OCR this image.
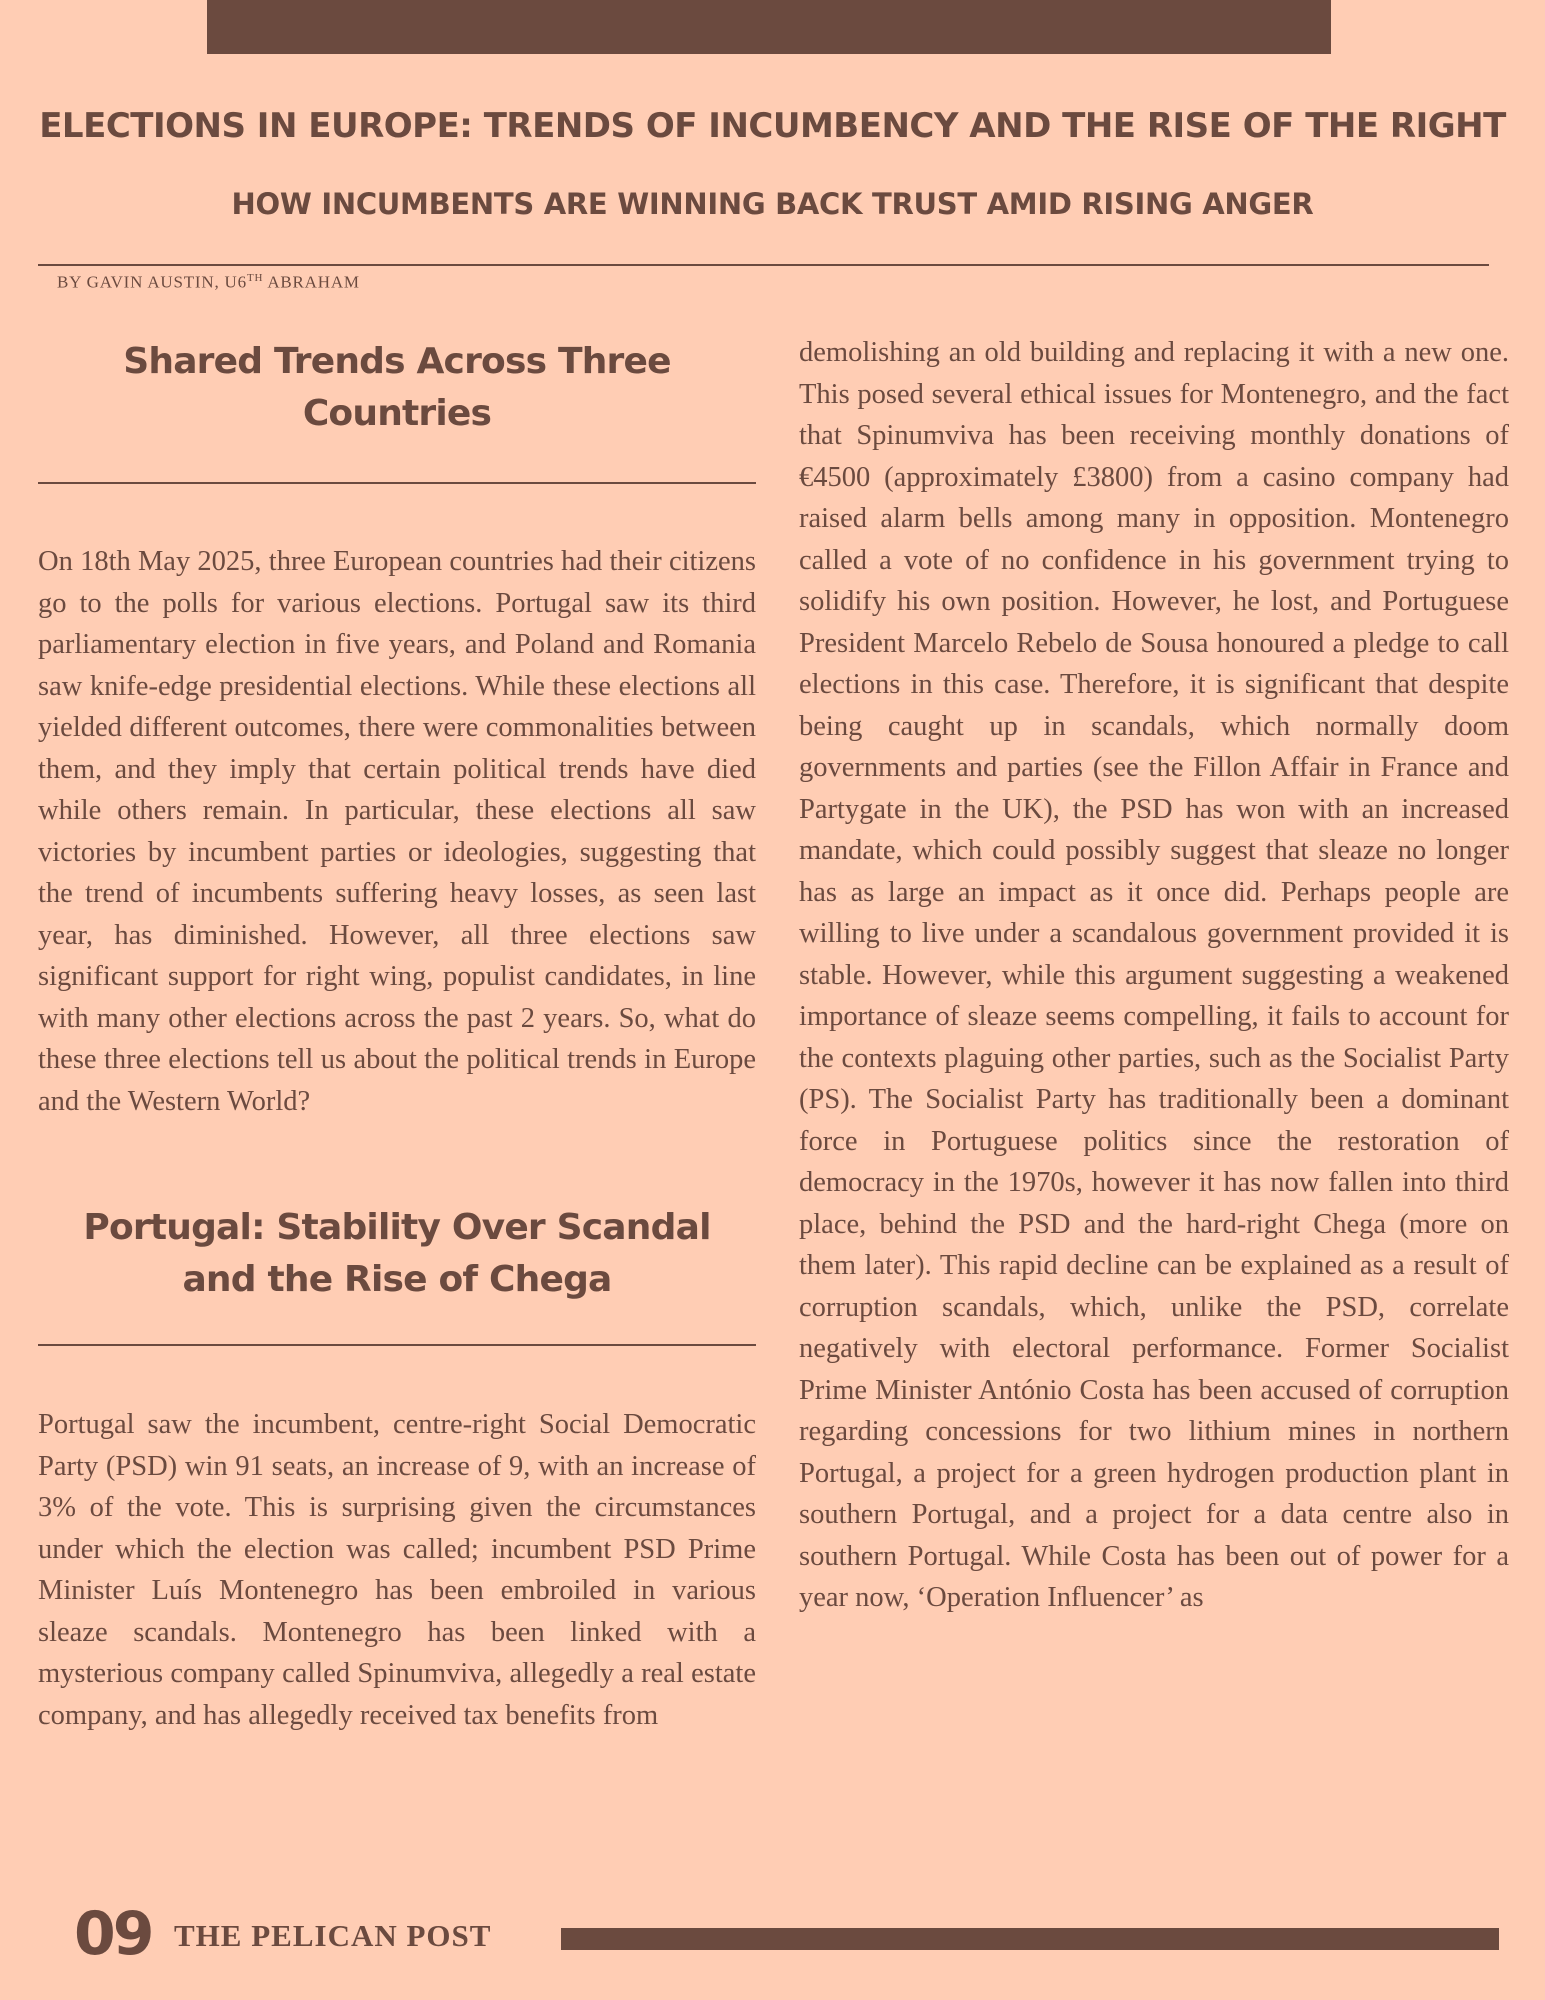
ELECTIONS IN EUROPE: TRENDS OF INCUMBENCY AND THE RISE OF THE RIGHT
HOW INCUMBENTS ARE WINNING BACK TRUST AMID RISING ANGER
BY GAVIN AUSTIN, U6TH ABRAHAM
Shared Trends Across Three Countries

On 18th May 2025, three European countries had their citizens go to the polls for various elections. Portugal saw its third parliamentary election in five years, and Poland and Romania saw knife-edge presidential elections. While these elections all yielded different outcomes, there were commonalities between them, and they imply that certain political trends have died while others remain. In particular, these elections all saw victories by incumbent parties or ideologies, suggesting that the trend of incumbents suffering heavy losses, as seen last year, has diminished. However, all three elections saw significant support for right wing, populist candidates, in line with many other elections across the past 2 years. So, what do these three elections tell us about the political trends in Europe and the Western World?

Portugal: Stability Over Scandal and the Rise of Chega

Portugal saw the incumbent, centre-right Social Democratic Party (PSD) win 91 seats, an increase of 9, with an increase of 3% of the vote. This is surprising given the circumstances under which the election was called; incumbent PSD Prime Minister Luís Montenegro has been embroiled in various sleaze scandals. Montenegro has been linked with a mysterious company called Spinumviva, allegedly a real estate company, and has allegedly received tax benefits from

demolishing an old building and replacing it with a new one. This posed several ethical issues for Montenegro, and the fact that Spinumviva has been receiving monthly donations of €4500 (approximately £3800) from a casino company had raised alarm bells among many in opposition. Montenegro called a vote of no confidence in his government trying to solidify his own position. However, he lost, and Portuguese President Marcelo Rebelo de Sousa honoured a pledge to call elections in this case. Therefore, it is significant that despite being caught up in scandals, which normally doom governments and parties (see the Fillon Affair in France and Partygate in the UK), the PSD has won with an increased mandate, which could possibly suggest that sleaze no longer has as large an impact as it once did. Perhaps people are willing to live under a scandalous government provided it is stable. However, while this argument suggesting a weakened importance of sleaze seems compelling, it fails to account for the contexts plaguing other parties, such as the Socialist Party (PS). The Socialist Party has traditionally been a dominant force in Portuguese politics since the restoration of democracy in the 1970s, however it has now fallen into third place, behind the PSD and the hard-right Chega (more on them later). This rapid decline can be explained as a result of corruption scandals, which, unlike the PSD, correlate negatively with electoral performance. Former Socialist Prime Minister António Costa has been accused of corruption regarding concessions for two lithium mines in northern Portugal, a project for a green hydrogen production plant in southern Portugal, and a project for a data centre also in southern Portugal. While Costa has been out of power for a year now, ‘Operation Influencer’ as

09 THE PELICAN POST
